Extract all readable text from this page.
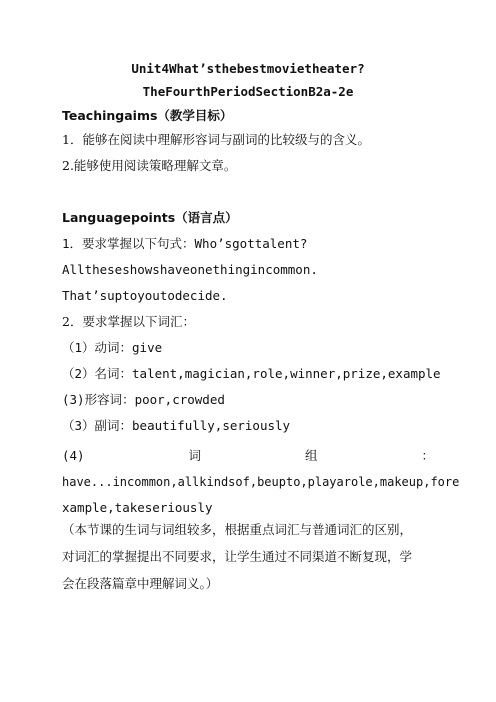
Unit4What’sthebestmovietheater?
TheFourthPeriodSectionB2a-2e
Teachingaims（教学目标）
1．能够在阅读中理解形容词与副词的比较级与的含义。
2.能够使用阅读策略理解文章。
Languagepoints（语言点）
1．要求掌握以下句式：Who’sgottalent?
Alltheseshowshaveonethingincommon.
That’suptoyoutodecide.
2．要求掌握以下词汇：
（1）动词：give
（2）名词：talent,magician,role,winner,prize,example
(3)形容词：poor,crowded
（3）副词：beautifully,seriously
(4)	词	组	：
have...incommon,allkindsof,beupto,playarole,makeup,fore
xample,takeseriously
（本节课的生词与词组较多，根据重点词汇与普通词汇的区别，
对词汇的掌握提出不同要求，让学生通过不同渠道不断复现，学
会在段落篇章中理解词义。）
